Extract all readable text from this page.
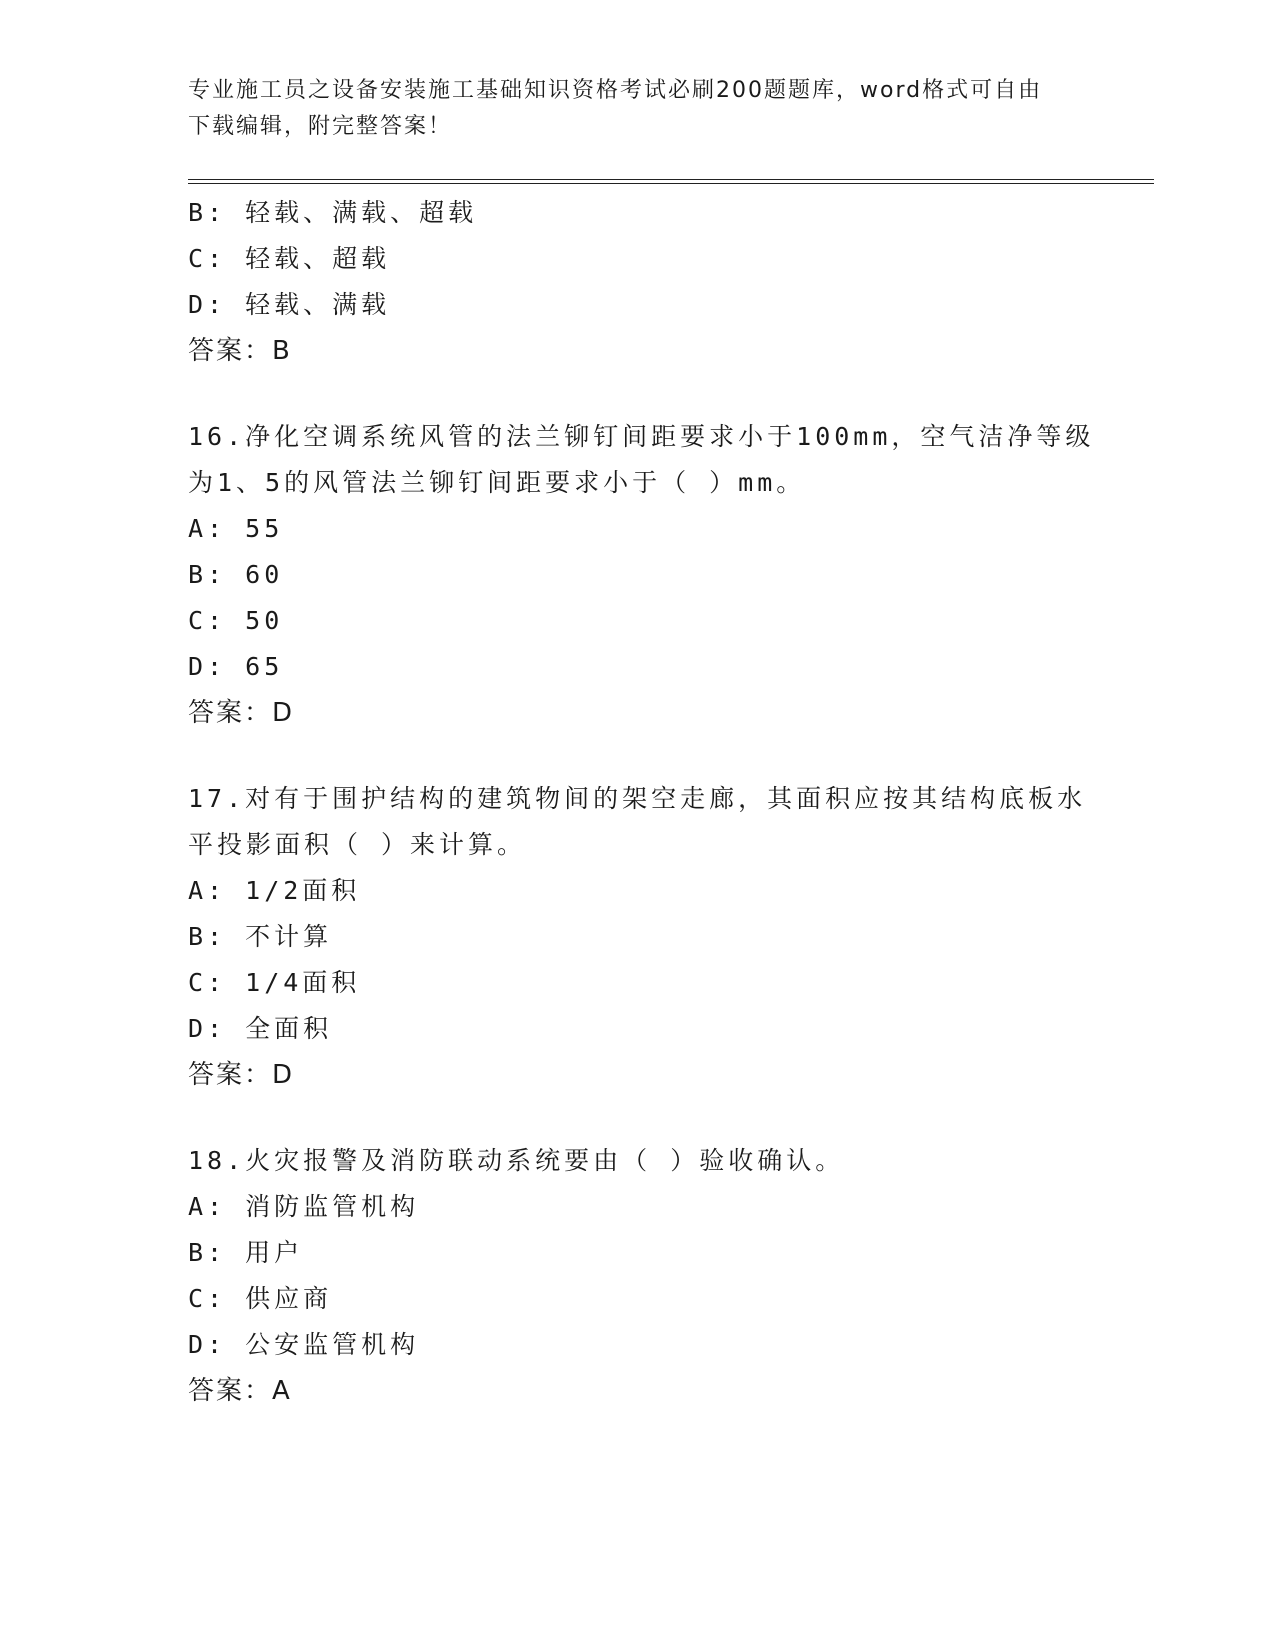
专业施工员之设备安装施工基础知识资格考试必刷200题题库，word格式可自由
下载编辑，附完整答案！
B: 轻载、满载、超载
C: 轻载、超载
D: 轻载、满载
答案：B
16.净化空调系统风管的法兰铆钉间距要求小于100mm，空气洁净等级
为1、5的风管法兰铆钉间距要求小于（ ）mm。
A: 55
B: 60
C: 50
D: 65
答案：D
17.对有于围护结构的建筑物间的架空走廊，其面积应按其结构底板水
平投影面积（ ）来计算。
A: 1/2面积
B: 不计算
C: 1/4面积
D: 全面积
答案：D
18.火灾报警及消防联动系统要由（ ）验收确认。
A: 消防监管机构
B: 用户
C: 供应商
D: 公安监管机构
答案：A
